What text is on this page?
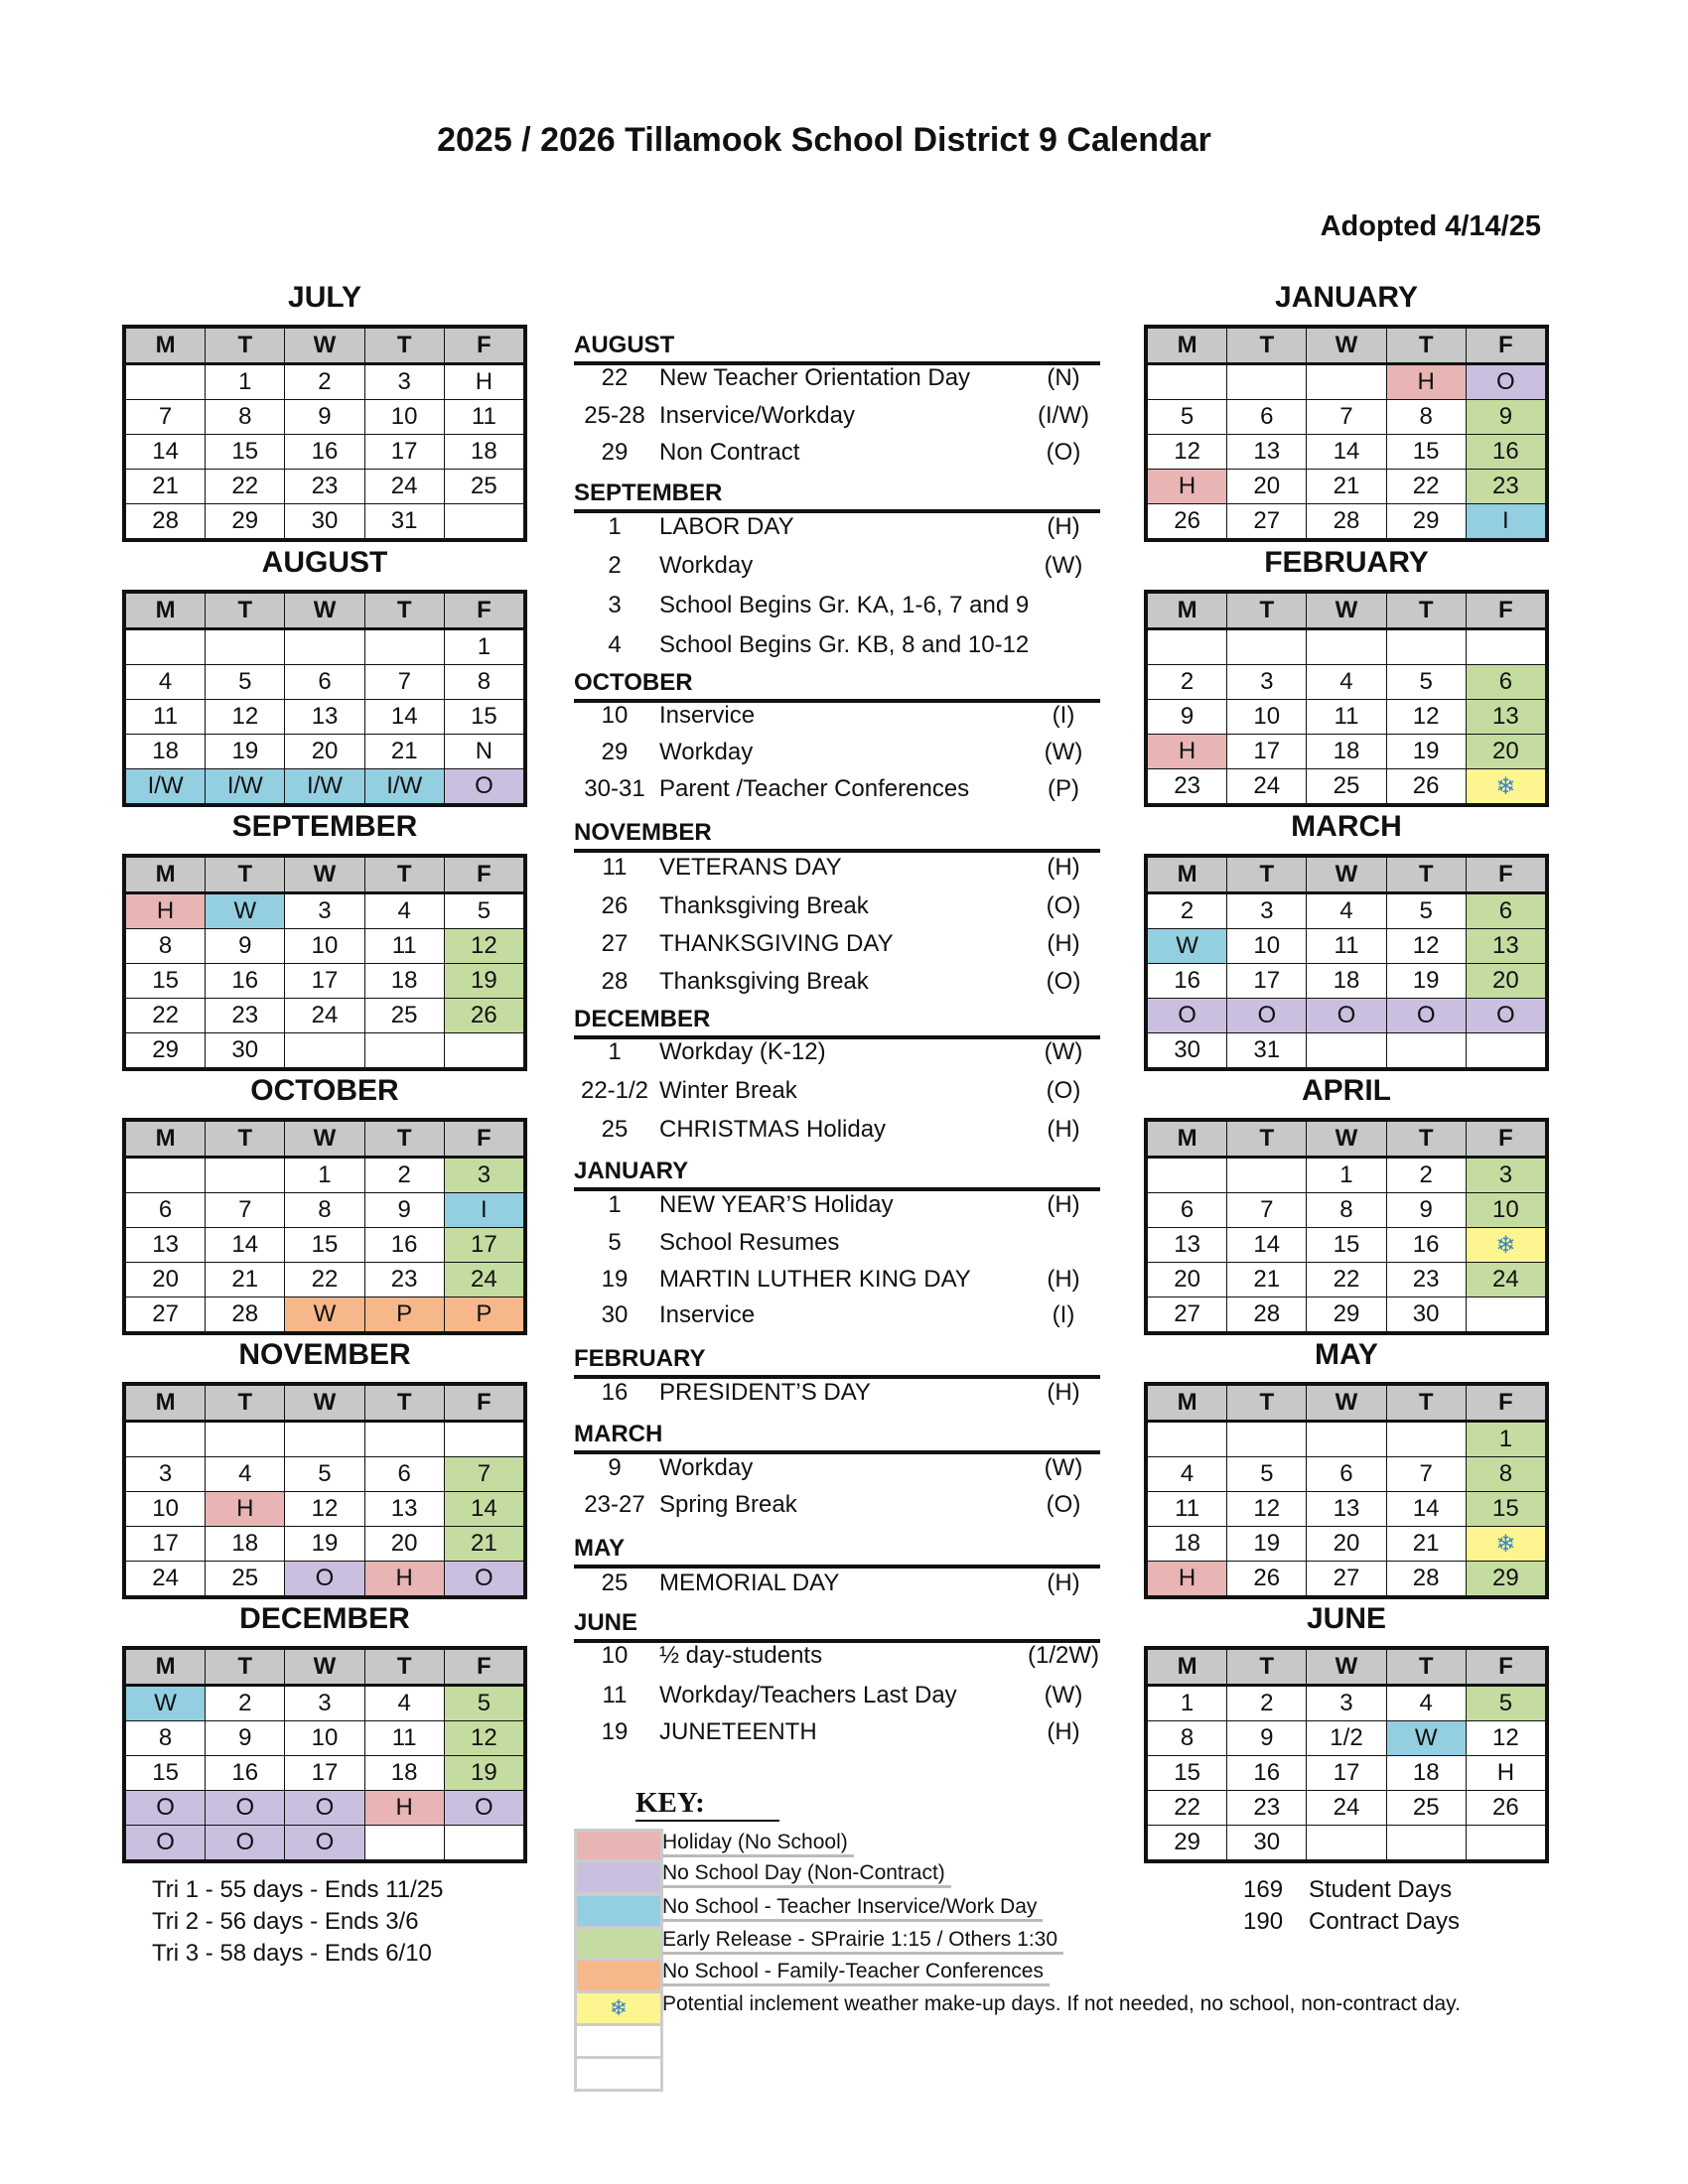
2025 / 2026 Tillamook School District 9 Calendar
Adopted 4/14/25
JULY
M	T	W	T	F
	1	2	3	H
7	8	9	10	11
14	15	16	17	18
21	22	23	24	25
28	29	30	31	
AUGUST
M	T	W	T	F
				1
4	5	6	7	8
11	12	13	14	15
18	19	20	21	N
I/W	I/W	I/W	I/W	O
SEPTEMBER
M	T	W	T	F
H	W	3	4	5
8	9	10	11	12
15	16	17	18	19
22	23	24	25	26
29	30			
OCTOBER
M	T	W	T	F
		1	2	3
6	7	8	9	I
13	14	15	16	17
20	21	22	23	24
27	28	W	P	P
NOVEMBER
M	T	W	T	F

3	4	5	6	7
10	H	12	13	14
17	18	19	20	21
24	25	O	H	O
DECEMBER
M	T	W	T	F
W	2	3	4	5
8	9	10	11	12
15	16	17	18	19
O	O	O	H	O
O	O	O		
JANUARY
M	T	W	T	F
			H	O
5	6	7	8	9
12	13	14	15	16
H	20	21	22	23
26	27	28	29	I
FEBRUARY
M	T	W	T	F

2	3	4	5	6
9	10	11	12	13
H	17	18	19	20
23	24	25	26	❄
MARCH
M	T	W	T	F
2	3	4	5	6
W	10	11	12	13
16	17	18	19	20
O	O	O	O	O
30	31			
APRIL
M	T	W	T	F
		1	2	3
6	7	8	9	10
13	14	15	16	❄
20	21	22	23	24
27	28	29	30	
MAY
M	T	W	T	F
				1
4	5	6	7	8
11	12	13	14	15
18	19	20	21	❄
H	26	27	28	29
JUNE
M	T	W	T	F
1	2	3	4	5
8	9	1/2	W	12
15	16	17	18	H
22	23	24	25	26
29	30			
AUGUST
22	New Teacher Orientation Day	(N)
25-28 Inservice/Workday	(I/W)
29	Non Contract	(O)
SEPTEMBER
1	LABOR DAY	(H)
2	Workday	(W)
3	School Begins Gr. KA, 1-6, 7 and 9
4	School Begins Gr. KB, 8 and 10-12
OCTOBER
10	Inservice	(I)
29	Workday	(W)
30-31 Parent /Teacher Conferences	(P)
NOVEMBER
11	VETERANS DAY	(H)
26	Thanksgiving Break	(O)
27	THANKSGIVING DAY	(H)
28	Thanksgiving Break	(O)
DECEMBER
1	Workday (K-12)	(W)
22-1/2 Winter Break	(O)
25	CHRISTMAS Holiday	(H)
JANUARY
1	NEW YEAR’S Holiday	(H)
5	School Resumes
19	MARTIN LUTHER KING DAY	(H)
30	Inservice	(I)
FEBRUARY
16	PRESIDENT’S DAY	(H)
MARCH
9	Workday	(W)
23-27 Spring Break	(O)
MAY
25	MEMORIAL DAY	(H)
JUNE
10	½ day-students	(1/2W)
11	Workday/Teachers Last Day	(W)
19	JUNETEENTH	(H)
KEY:
Holiday (No School)
No School Day (Non-Contract)
No School - Teacher Inservice/Work Day
Early Release - SPrairie 1:15 / Others 1:30
No School - Family-Teacher Conferences
❄	Potential inclement weather make-up days. If not needed, no school, non-contract day.
Tri 1 - 55 days - Ends 11/25
Tri 2 - 56 days - Ends 3/6
Tri 3 - 58 days - Ends 6/10
169 Student Days
190 Contract Days
